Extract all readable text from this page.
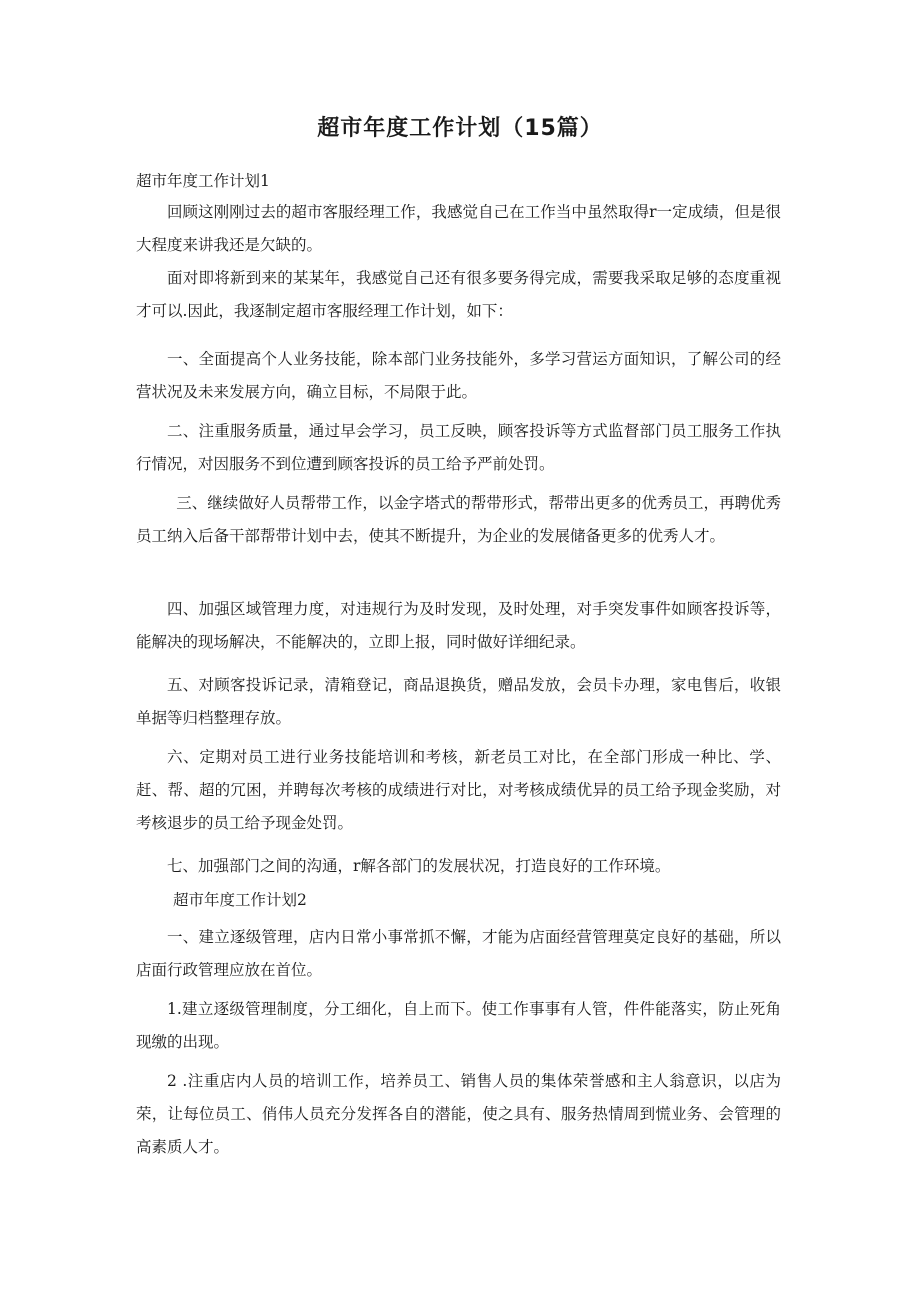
超市年度工作计划（15篇）
超市年度工作计划1

回顾这刚刚过去的超市客服经理工作，我感觉自己在工作当中虽然取得r一定成绩，但是很大程度来讲我还是欠缺的。

面对即将新到来的某某年，我感觉自己还有很多要务得完成，需要我采取足够的态度重视才可以.因此，我逐制定超市客服经理工作计划，如下：

一、全面提高个人业务技能，除本部门业务技能外，多学习营运方面知识，了解公司的经营状况及未来发展方向，确立目标，不局限于此。

二、注重服务质量，通过早会学习，员工反映，顾客投诉等方式监督部门员工服务工作执行情况，对因服务不到位遭到顾客投诉的员工给予严前处罚。

三、继续做好人员帮带工作，以金字塔式的帮带形式，帮带出更多的优秀员工，再聘优秀员工纳入后备干部帮带计划中去，使其不断提升，为企业的发展储备更多的优秀人才。

四、加强区域管理力度，对违规行为及时发现，及时处理，对手突发事件如顾客投诉等，能解决的现场解决，不能解决的，立即上报，同时做好详细纪录。

五、对顾客投诉记录，清箱登记，商品退换货，赠品发放，会员卡办理，家电售后，收银单据等归档整理存放。

六、定期对员工进行业务技能培训和考核，新老员工对比，在全部门形成一种比、学、赶、帮、超的冗困，并聘每次考核的成绩进行对比，对考核成绩优异的员工给予现金奖励，对考核退步的员工给予现金处罚。

七、加强部门之间的沟通，r解各部门的发展状况，打造良好的工作环境。

超市年度工作计划2

一、建立逐级管理，店内日常小事常抓不懈，才能为店面经营管理莫定良好的基础，所以店面行政管理应放在首位。

1.建立逐级管理制度，分工细化，自上而下。使工作事事有人管，件件能落实，防止死角现缴的出现。

2 .注重店内人员的培训工作，培养员工、销售人员的集体荣誉感和主人翁意识，以店为荣，让每位员工、俏伟人员充分发挥各自的潜能，使之具有、服务热情周到慌业务、会管理的高素质人才。
